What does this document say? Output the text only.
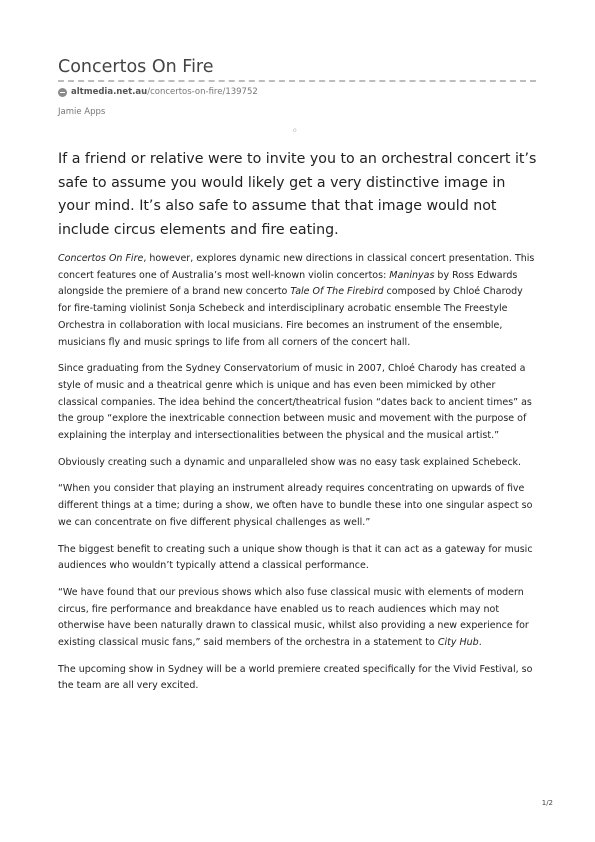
Concertos On Fire
altmedia.net.au /concertos-on-fire/139752
Jamie Apps
o
If a friend or relative were to invite you to an orchestral concert it’s safe to assume you would likely get a very distinctive image in your mind. It’s also safe to assume that that image would not include circus elements and fire eating.

Concertos On Fire, however, explores dynamic new directions in classical concert presentation. This concert features one of Australia’s most well-known violin concertos: Maninyas by Ross Edwards alongside the premiere of a brand new concerto Tale Of The Firebird composed by Chloé Charody for fire-taming violinist Sonja Schebeck and interdisciplinary acrobatic ensemble The Freestyle Orchestra in collaboration with local musicians. Fire becomes an instrument of the ensemble, musicians fly and music springs to life from all corners of the concert hall.

Since graduating from the Sydney Conservatorium of music in 2007, Chloé Charody has created a style of music and a theatrical genre which is unique and has even been mimicked by other classical companies. The idea behind the concert/theatrical fusion “dates back to ancient times” as the group “explore the inextricable connection between music and movement with the purpose of explaining the interplay and intersectionalities between the physical and the musical artist.”

Obviously creating such a dynamic and unparalleled show was no easy task explained Schebeck.

“When you consider that playing an instrument already requires concentrating on upwards of five different things at a time; during a show, we often have to bundle these into one singular aspect so we can concentrate on five different physical challenges as well.”

The biggest benefit to creating such a unique show though is that it can act as a gateway for music audiences who wouldn’t typically attend a classical performance.

“We have found that our previous shows which also fuse classical music with elements of modern circus, fire performance and breakdance have enabled us to reach audiences which may not otherwise have been naturally drawn to classical music, whilst also providing a new experience for existing classical music fans,” said members of the orchestra in a statement to City Hub.

The upcoming show in Sydney will be a world premiere created specifically for the Vivid Festival, so the team are all very excited.

1/2
